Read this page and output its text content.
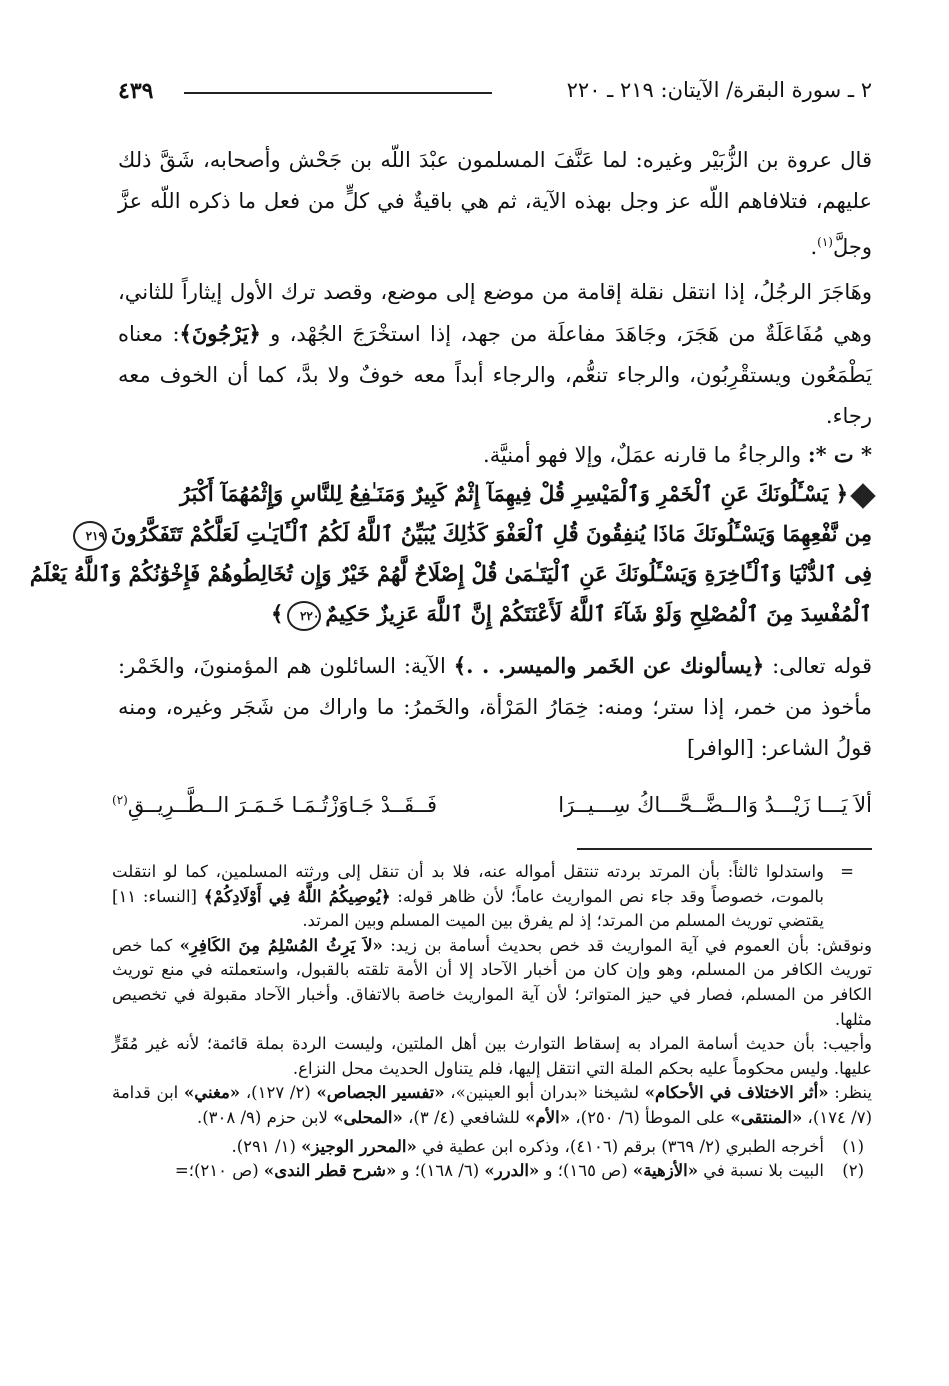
٢ ـ سورة البقرة/ الآيتان: ٢١٩ ـ ٢٢٠
٤٣٩

قال عروة بن الزُّبَيْر وغيره: لما عَنَّفَ المسلمون عبْدَ اللّه بن جَحْش وأصحابه، شَقَّ ذلك عليهم، فتلافاهم اللّه عز وجل بهذه الآية، ثم هي باقيةٌ في كلٍّ من فعل ما ذكره اللّه عزَّ وجلَّ$^{(١)}$.

وهَاجَرَ الرجُلُ، إذا انتقل نقلة إقامة من موضع إلى موضع، وقصد ترك الأول إيثاراً للثاني، وهي مُفَاعَلَةٌ من هَجَرَ، وجَاهَدَ مفاعلَة من جهد، إذا استخْرَجَ الجُهْد، و ﴿يَرْجُونَ﴾: معناه يَطْمَعُون ويستقْرِبُون، والرجاء تنعُّم، والرجاء أبداً معه خوفٌ ولا بدَّ، كما أن الخوف معه رجاء.

* ت *: والرجاءُ ما قارنه عمَلٌ، وإلا فهو أمنيَّة.

﴿ يَسْـَٔلُونَكَ عَنِ ٱلْخَمْرِ وَٱلْمَيْسِرِ قُلْ فِيهِمَآ إِثْمٌ كَبِيرٌ وَمَنَـٰفِعُ لِلنَّاسِ وَإِثْمُهُمَآ أَكْبَرُ
مِن نَّفْعِهِمَا وَيَسْـَٔلُونَكَ مَاذَا يُنفِقُونَ قُلِ ٱلْعَفْوَ كَذَٰلِكَ يُبَيِّنُ ٱللَّهُ لَكُمُ ٱلْـَٔايَـٰتِ لَعَلَّكُمْ تَتَفَكَّرُونَ٢١٩
فِى ٱلدُّنْيَا وَٱلْـَٔاخِرَةِ وَيَسْـَٔلُونَكَ عَنِ ٱلْيَتَـٰمَىٰ قُلْ إِصْلَاحٌ لَّهُمْ خَيْرٌ وَإِن تُخَالِطُوهُمْ فَإِخْوَٰنُكُمْ وَٱللَّهُ يَعْلَمُ
ٱلْمُفْسِدَ مِنَ ٱلْمُصْلِحِ وَلَوْ شَآءَ ٱللَّهُ لَأَعْنَتَكُمْ إِنَّ ٱللَّهَ عَزِيزٌ حَكِيمٌ٢٢٠﴾

قوله تعالى: ﴿يسألونك عن الخَمر والميسر. . .﴾ الآية: السائلون هم المؤمنونَ، والخَمْر: مأخوذ من خمر، إذا ستر؛ ومنه: خِمَارُ المَرْأة، والخَمرُ: ما واراك من شَجَر وغيره، ومنه قولُ الشاعر: [الوافر]

ألاَ يَـــا زَيْـــدُ وَالــضَّــحَّـــاكُ سِـــيــرَا
فَــقَــدْ جَـاوَزْتُـمَـا خَـمَـرَ الــطَّــرِيــقِ$^{(٢)}$

=
واستدلوا ثالثاً: بأن المرتد بردته تنتقل أمواله عنه، فلا بد أن تنقل إلى ورثته المسلمين، كما لو انتقلت بالموت، خصوصاً وقد جاء نص المواريث عاماً؛ لأن ظاهر قوله: ﴿يُوصِيكُمُ اللَّهُ فِي أَوْلَادِكُمْ﴾ [النساء: ١١] يقتضي توريث المسلم من المرتد؛ إذ لم يفرق بين الميت المسلم وبين المرتد.

ونوقش: بأن العموم في آية المواريث قد خص بحديث أسامة بن زيد: «لاَ يَرِثُ المُسْلِمُ مِنَ الكَافِرِ» كما خص توريث الكافر من المسلم، وهو وإن كان من أخبار الآحاد إلا أن الأمة تلقته بالقبول، واستعملته في منع توريث الكافر من المسلم، فصار في حيز المتواتر؛ لأن آية المواريث خاصة بالاتفاق. وأخبار الآحاد مقبولة في تخصيص مثلها.

وأجيب: بأن حديث أسامة المراد به إسقاط التوارث بين أهل الملتين، وليست الردة بملة قائمة؛ لأنه غير مُقَرٍّ عليها. وليس محكوماً عليه بحكم الملة التي انتقل إليها، فلم يتناول الحديث محل النزاع.

ينظر: «أثر الاختلاف في الأحكام» لشيخنا «بدران أبو العينين»، «تفسير الجصاص» (٢/ ١٢٧)، «مغني» ابن قدامة (٧/ ١٧٤)، «المنتقى» على الموطأ (٦/ ٢٥٠)، «الأم» للشافعي (٤/ ٣)، «المحلى» لابن حزم (٩/ ٣٠٨).

(١)
أخرجه الطبري (٢/ ٣٦٩) برقم (٤١٠٦)، وذكره ابن عطية في «المحرر الوجيز» (١/ ٢٩١).

(٢)
البيت بلا نسبة في «الأزهية» (ص ١٦٥)؛ و «الدرر» (٦/ ١٦٨)؛ و «شرح قطر الندى» (ص ٢١٠)؛=
